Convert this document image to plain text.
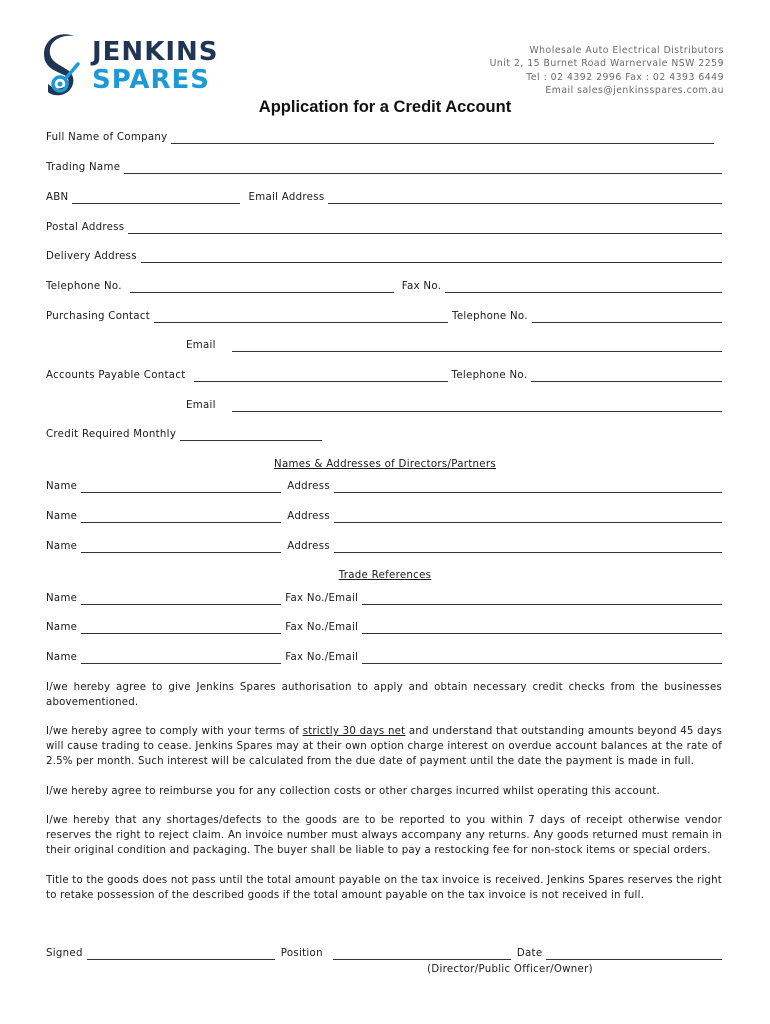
JENKINS
SPARES
Wholesale Auto Electrical Distributors
Unit 2, 15 Burnet Road Warnervale NSW 2259
Tel : 02 4392 2996 Fax : 02 4393 6449
Email sales@jenkinsspares.com.au
Application for a Credit Account
Full Name of Company
Trading Name
ABN	Email Address
Postal Address
Delivery Address
Telephone No.	Fax No.
Purchasing Contact	Telephone No.
Email
Accounts Payable Contact	Telephone No.
Email
Credit Required Monthly
Names & Addresses of Directors/Partners
Name	Address
Name	Address
Name	Address
Trade References
Name	Fax No./Email
Name	Fax No./Email
Name	Fax No./Email
I/we hereby agree to give Jenkins Spares authorisation to apply and obtain necessary credit checks from the businesses abovementioned.
I/we hereby agree to comply with your terms of strictly 30 days net and understand that outstanding amounts beyond 45 days will cause trading to cease. Jenkins Spares may at their own option charge interest on overdue account balances at the rate of 2.5% per month. Such interest will be calculated from the due date of payment until the date the payment is made in full.
I/we hereby agree to reimburse you for any collection costs or other charges incurred whilst operating this account.
I/we hereby that any shortages/defects to the goods are to be reported to you within 7 days of receipt otherwise vendor reserves the right to reject claim. An invoice number must always accompany any returns. Any goods returned must remain in their original condition and packaging. The buyer shall be liable to pay a restocking fee for non-stock items or special orders.
Title to the goods does not pass until the total amount payable on the tax invoice is received. Jenkins Spares reserves the right to retake possession of the described goods if the total amount payable on the tax invoice is not received in full.
Signed	Position	Date
(Director/Public Officer/Owner)
